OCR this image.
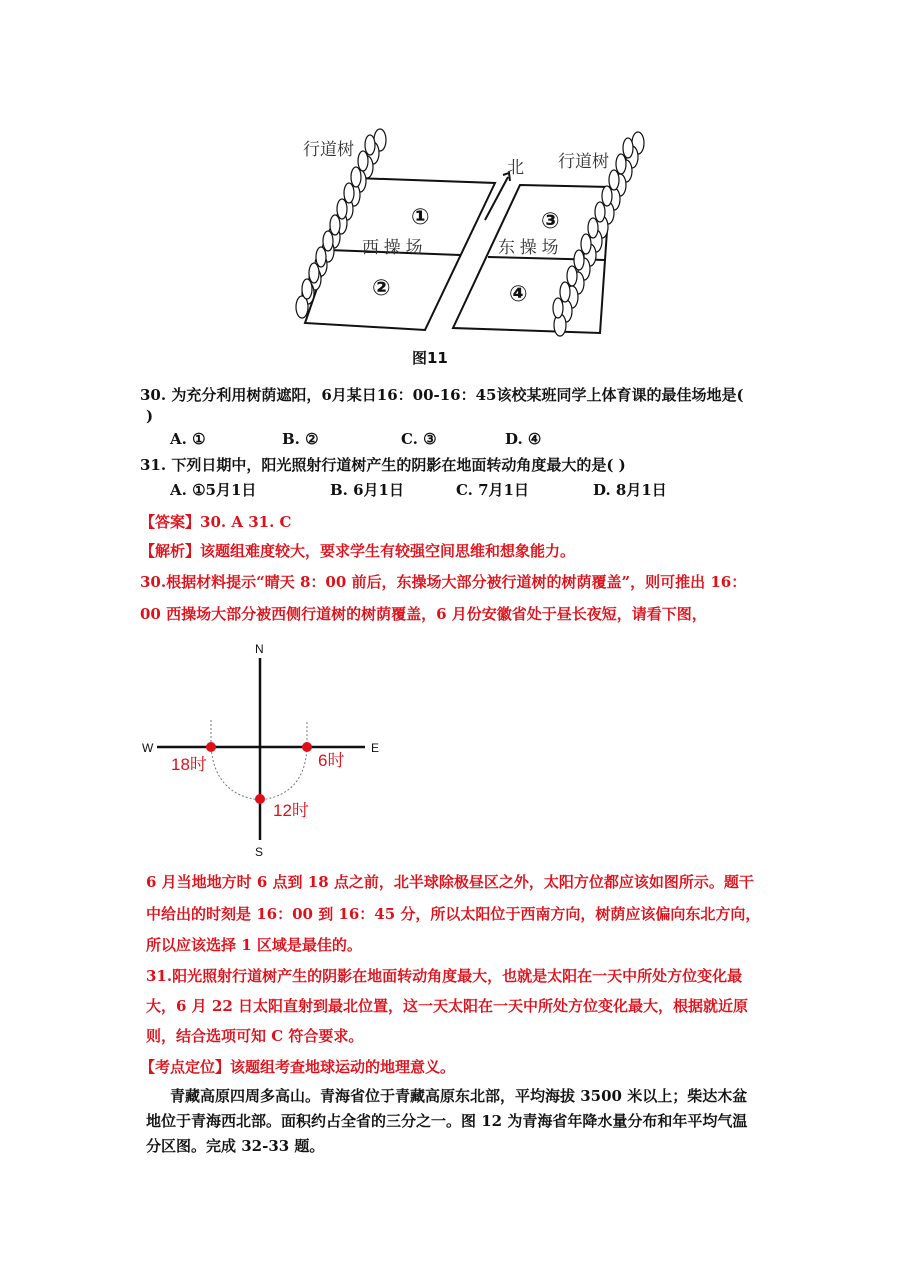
行道树
行道树
北
西 操 场	东 操 场
①
②
③
④
图11
30. 为充分利用树荫遮阳，6月某日16：00-16：45该校某班同学上体育课的最佳场地是(
)
A. ①	B. ②	C. ③	D. ④
31. 下列日期中，阳光照射行道树产生的阴影在地面转动角度最大的是( )
A. ①5月1日	B. 6月1日	C. 7月1日	D. 8月1日
【答案】30. A 31. C
【解析】该题组难度较大，要求学生有较强空间思维和想象能力。
30.根据材料提示“晴天 8：00 前后，东操场大部分被行道树的树荫覆盖”，则可推出 16：
00 西操场大部分被西侧行道树的树荫覆盖，6 月份安徽省处于昼长夜短，请看下图，
N
S
W	E
18时	6时
12时
6 月当地地方时 6 点到 18 点之前，北半球除极昼区之外，太阳方位都应该如图所示。题干
中给出的时刻是 16：00 到 16：45 分，所以太阳位于西南方向，树荫应该偏向东北方向，
所以应该选择 1 区域是最佳的。
31.阳光照射行道树产生的阴影在地面转动角度最大，也就是太阳在一天中所处方位变化最
大，6 月 22 日太阳直射到最北位置，这一天太阳在一天中所处方位变化最大，根据就近原
则，结合选项可知 C 符合要求。
【考点定位】该题组考查地球运动的地理意义。
青藏高原四周多高山。青海省位于青藏高原东北部，平均海拔 3500 米以上；柴达木盆
地位于青海西北部。面积约占全省的三分之一。图 12 为青海省年降水量分布和年平均气温
分区图。完成 32-33 题。
